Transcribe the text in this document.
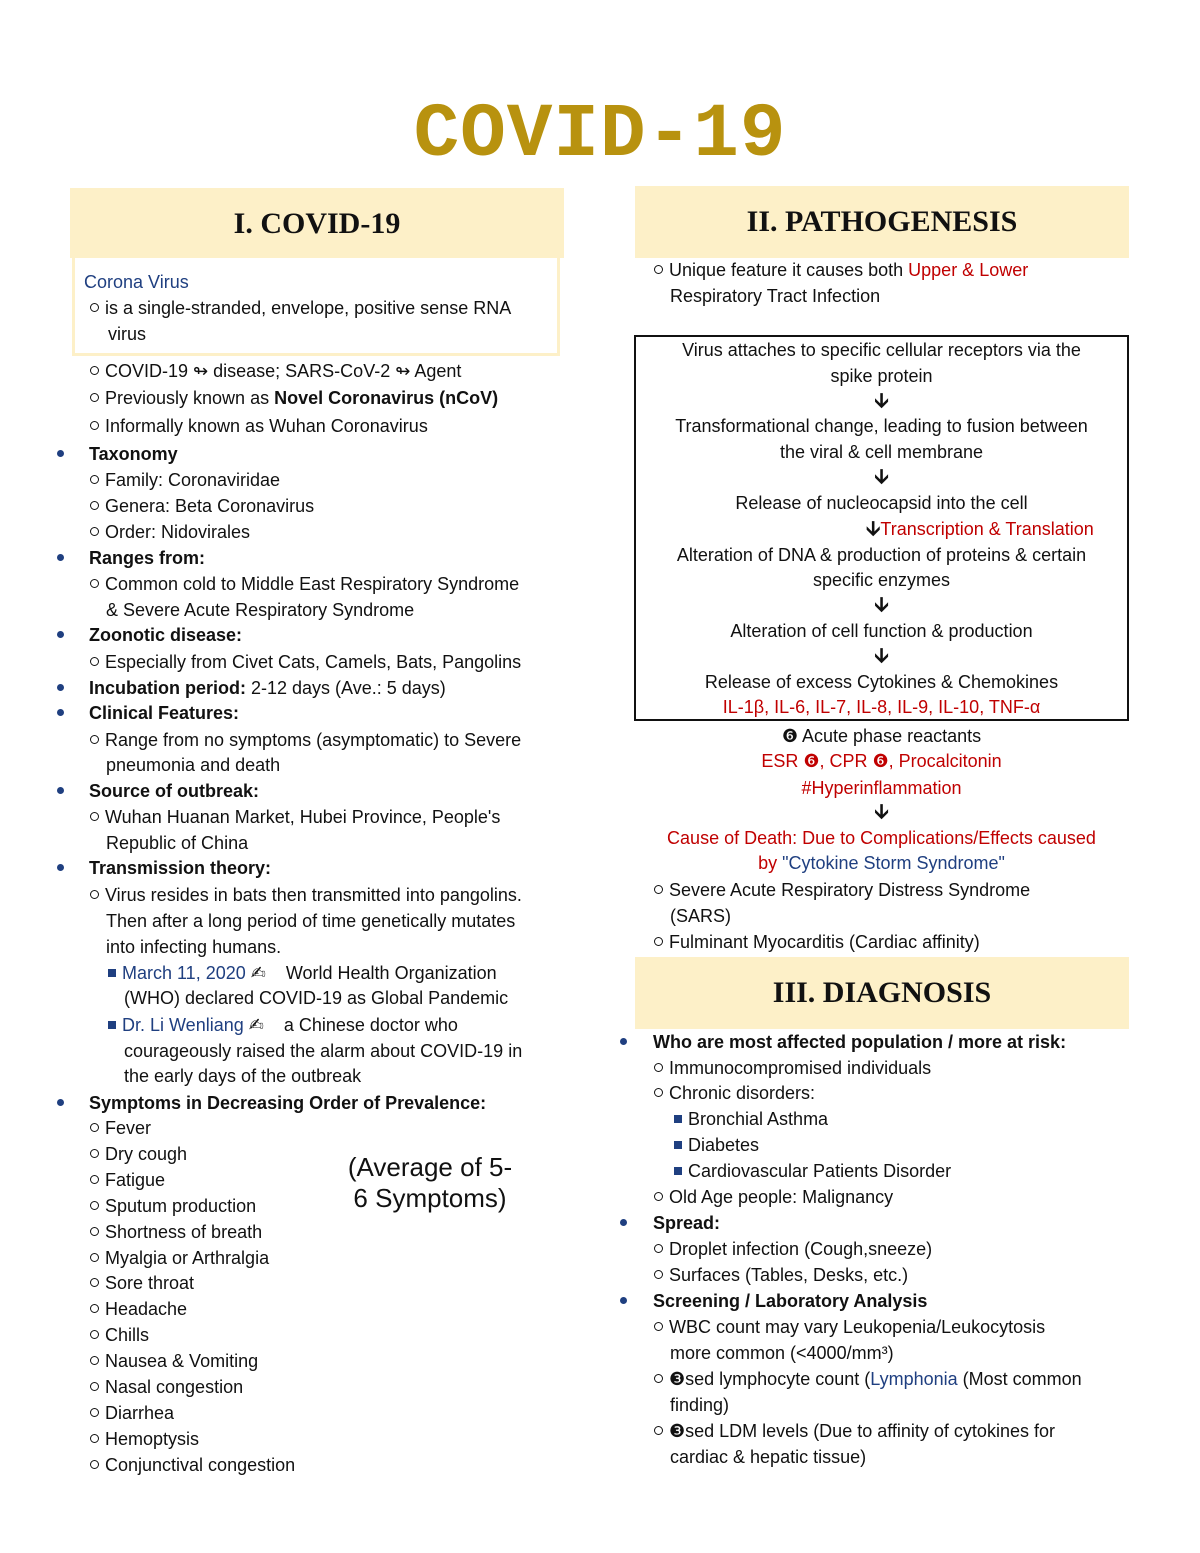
COVID-19
I. COVID-19
Corona Virus
is a single-stranded, envelope, positive sense RNA
virus
COVID-19 ↬ disease; SARS-CoV-2 ↬ Agent
Previously known as Novel Coronavirus (nCoV)
Informally known as Wuhan Coronavirus
Taxonomy
Family: Coronaviridae
Genera: Beta Coronavirus
Order: Nidovirales
Ranges from:
Common cold to Middle East Respiratory Syndrome
& Severe Acute Respiratory Syndrome
Zoonotic disease:
Especially from Civet Cats, Camels, Bats, Pangolins
Incubation period: 2-12 days (Ave.: 5 days)
Clinical Features:
Range from no symptoms (asymptomatic) to Severe
pneumonia and death
Source of outbreak:
Wuhan Huanan Market, Hubei Province, People's
Republic of China
Transmission theory:
Virus resides in bats then transmitted into pangolins.
Then after a long period of time genetically mutates
into infecting humans.
March 11, 2020 ✍ World Health Organization
(WHO) declared COVID-19 as Global Pandemic
Dr. Li Wenliang ✍ a Chinese doctor who
courageously raised the alarm about COVID-19 in
the early days of the outbreak
Symptoms in Decreasing Order of Prevalence:
Fever
Dry cough
Fatigue
Sputum production
Shortness of breath
Myalgia or Arthralgia
Sore throat
Headache
Chills
Nausea & Vomiting
Nasal congestion
Diarrhea
Hemoptysis
Conjunctival congestion
(Average of 5-
6 Symptoms)
II. PATHOGENESIS
Unique feature it causes both Upper & Lower
Respiratory Tract Infection
Virus attaches to specific cellular receptors via the
spike protein
🡫
Transformational change, leading to fusion between
the viral & cell membrane
🡫
Release of nucleocapsid into the cell
🡫Transcription & Translation
Alteration of DNA & production of proteins & certain
specific enzymes
🡫
Alteration of cell function & production
🡫
Release of excess Cytokines & Chemokines
IL-1β, IL-6, IL-7, IL-8, IL-9, IL-10, TNF-α
❻ Acute phase reactants
ESR ❻, CPR ❻, Procalcitonin
#Hyperinflammation
🡫
Cause of Death: Due to Complications/Effects caused
by "Cytokine Storm Syndrome"
Severe Acute Respiratory Distress Syndrome
(SARS)
Fulminant Myocarditis (Cardiac affinity)
III. DIAGNOSIS
Who are most affected population / more at risk:
Immunocompromised individuals
Chronic disorders:
Bronchial Asthma
Diabetes
Cardiovascular Patients Disorder
Old Age people: Malignancy
Spread:
Droplet infection (Cough,sneeze)
Surfaces (Tables, Desks, etc.)
Screening / Laboratory Analysis
WBC count may vary Leukopenia/Leukocytosis
more common (<4000/mm³)
❸sed lymphocyte count (Lymphonia (Most common
finding)
❸sed LDM levels (Due to affinity of cytokines for
cardiac & hepatic tissue)
